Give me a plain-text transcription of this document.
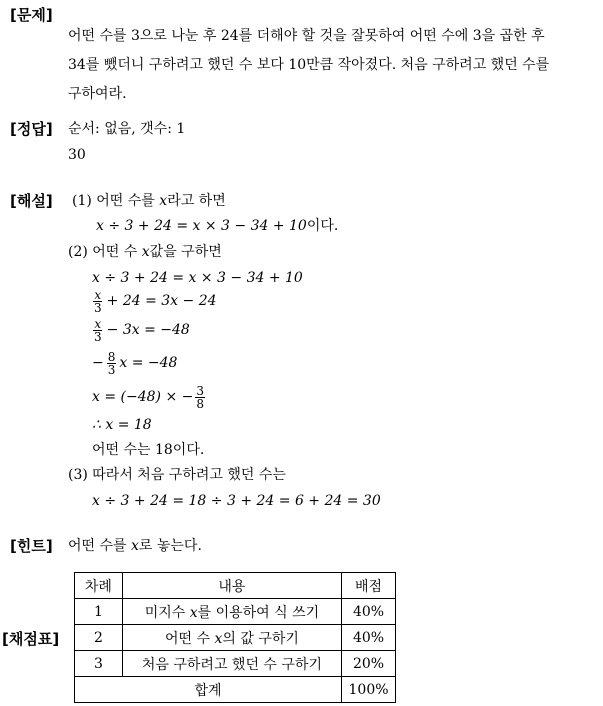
[문제]
어떤 수를 3으로 나눈 후 24를 더해야 할 것을 잘못하여 어떤 수에 3을 곱한 후
34를 뺐더니 구하려고 했던 수 보다 10만큼 작아졌다. 처음 구하려고 했던 수를
구하여라.
[정답] 순서: 없음, 갯수: 1
30
[해설] (1) 어떤 수를 x라고 하면
x ÷ 3 + 24 = x × 3 − 34 + 10이다.
(2) 어떤 수 x값을 구하면
x ÷ 3 + 24 = x × 3 − 34 + 10
$\frac{x}{3} + 24 = 3x - 24$
$\frac{x}{3} - 3x = -48$
− $\frac{8}{3}$ x = −48
x = (−48) × − $\frac{3}{8}$
∴ x = 18
어떤 수는 18이다.
(3) 따라서 처음 구하려고 했던 수는
x ÷ 3 + 24 = 18 ÷ 3 + 24 = 6 + 24 = 30
[힌트] 어떤 수를 x로 놓는다.
[채점표]
차례	내용	배점
1	미지수 x를 이용하여 식 쓰기	40%
2	어떤 수 x의 값 구하기	40%
3	처음 구하려고 했던 수 구하기	20%
합계		100%
